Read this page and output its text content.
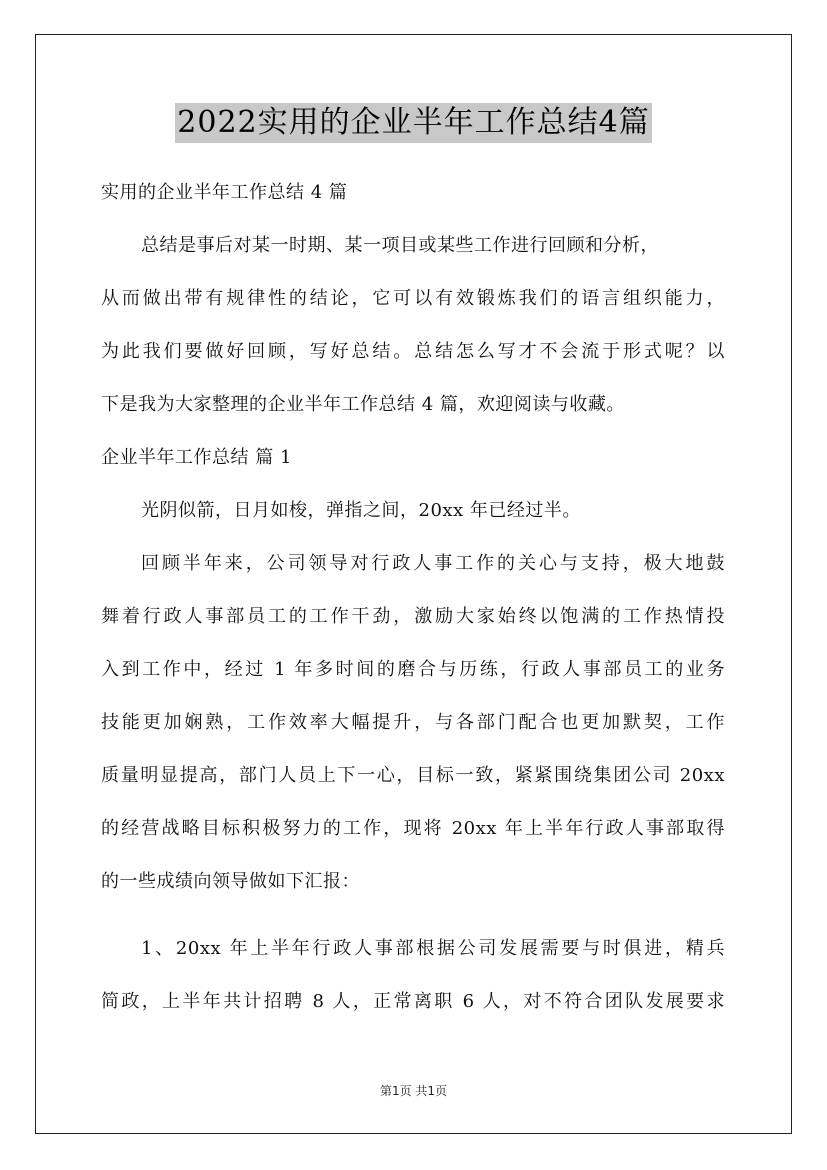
2022实用的企业半年工作总结4篇
实用的企业半年工作总结 4 篇
总结是事后对某一时期、某一项目或某些工作进行回顾和分析，
从而做出带有规律性的结论，它可以有效锻炼我们的语言组织能力，
为此我们要做好回顾，写好总结。总结怎么写才不会流于形式呢？以
下是我为大家整理的企业半年工作总结 4 篇，欢迎阅读与收藏。
企业半年工作总结 篇 1
光阴似箭，日月如梭，弹指之间，20xx 年已经过半。
回顾半年来，公司领导对行政人事工作的关心与支持，极大地鼓
舞着行政人事部员工的工作干劲，激励大家始终以饱满的工作热情投
入到工作中，经过 1 年多时间的磨合与历练，行政人事部员工的业务
技能更加娴熟，工作效率大幅提升，与各部门配合也更加默契，工作
质量明显提高，部门人员上下一心，目标一致，紧紧围绕集团公司 20xx
的经营战略目标积极努力的工作，现将 20xx 年上半年行政人事部取得
的一些成绩向领导做如下汇报：
1、20xx 年上半年行政人事部根据公司发展需要与时俱进，精兵
简政，上半年共计招聘 8 人，正常离职 6 人，对不符合团队发展要求
第1页 共1页
